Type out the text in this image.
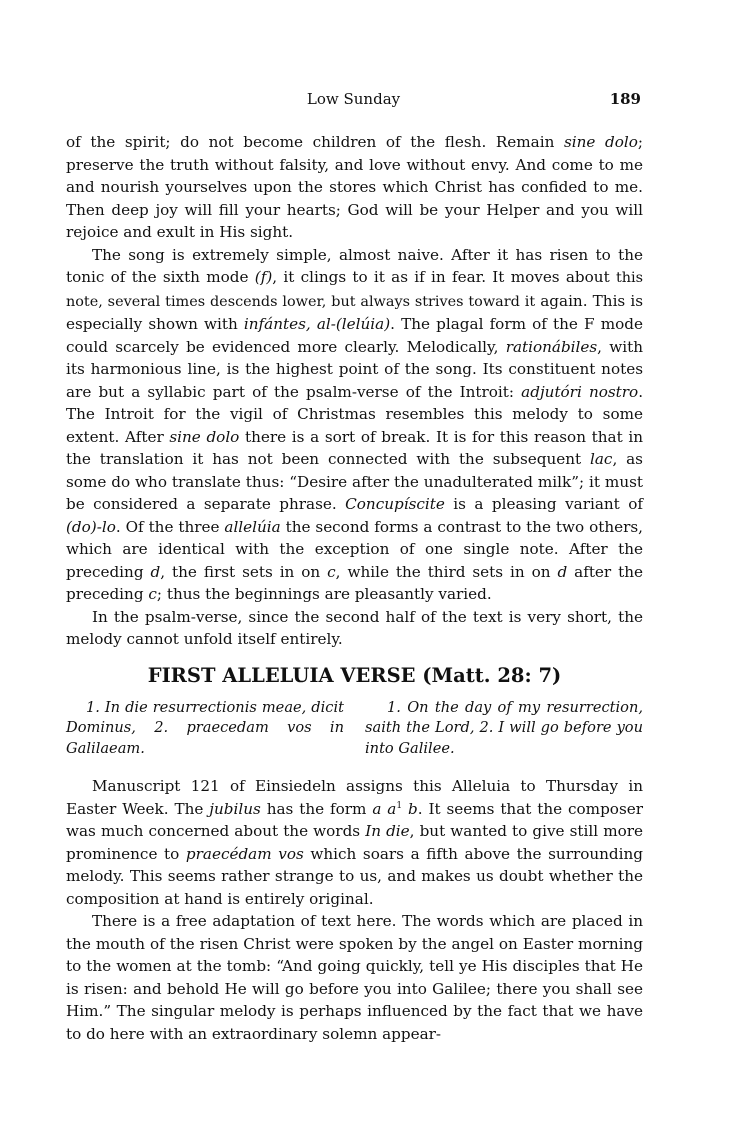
Low Sunday	189

of the spirit; do not become children of the flesh. Remain sine dolo; preserve the truth without falsity, and love without envy. And come to me and nourish yourselves upon the stores which Christ has confided to me. Then deep joy will fill your hearts; God will be your Helper and you will rejoice and exult in His sight.

The song is extremely simple, almost naive. After it has risen to the tonic of the sixth mode (f), it clings to it as if in fear. It moves about this note, several times descends lower, but always strives toward it again. This is especially shown with infántes, al-(lelúia). The plagal form of the F mode could scarcely be evidenced more clearly. Melodically, rationábiles, with its harmonious line, is the highest point of the song. Its constituent notes are but a syllabic part of the psalm-verse of the Introit: adjutóri nostro. The Introit for the vigil of Christmas resembles this melody to some extent. After sine dolo there is a sort of break. It is for this reason that in the translation it has not been connected with the subsequent lac, as some do who translate thus: “Desire after the unadulterated milk”; it must be considered a separate phrase. Concupíscite is a pleasing variant of (do)-lo. Of the three allelúia the second forms a contrast to the two others, which are identical with the exception of one single note. After the preceding d, the first sets in on c, while the third sets in on d after the preceding c; thus the beginnings are pleasantly varied.

In the psalm-verse, since the second half of the text is very short, the melody cannot unfold itself entirely.

FIRST ALLELUIA VERSE (Matt. 28: 7)

1. In die resurrectionis meae, dicit Dominus, 2. praecedam vos in Galilaeam.

1. On the day of my resurrection, saith the Lord, 2. I will go before you into Galilee.

Manuscript 121 of Einsiedeln assigns this Alleluia to Thursday in Easter Week. The jubilus has the form a $a^1$ b. It seems that the composer was much concerned about the words In die, but wanted to give still more prominence to praecédam vos which soars a fifth above the surrounding melody. This seems rather strange to us, and makes us doubt whether the composition at hand is entirely original.

There is a free adaptation of text here. The words which are placed in the mouth of the risen Christ were spoken by the angel on Easter morning to the women at the tomb: “And going quickly, tell ye His disciples that He is risen: and behold He will go before you into Galilee; there you shall see Him.” The singular melody is perhaps influenced by the fact that we have to do here with an extraordinary solemn appear-
